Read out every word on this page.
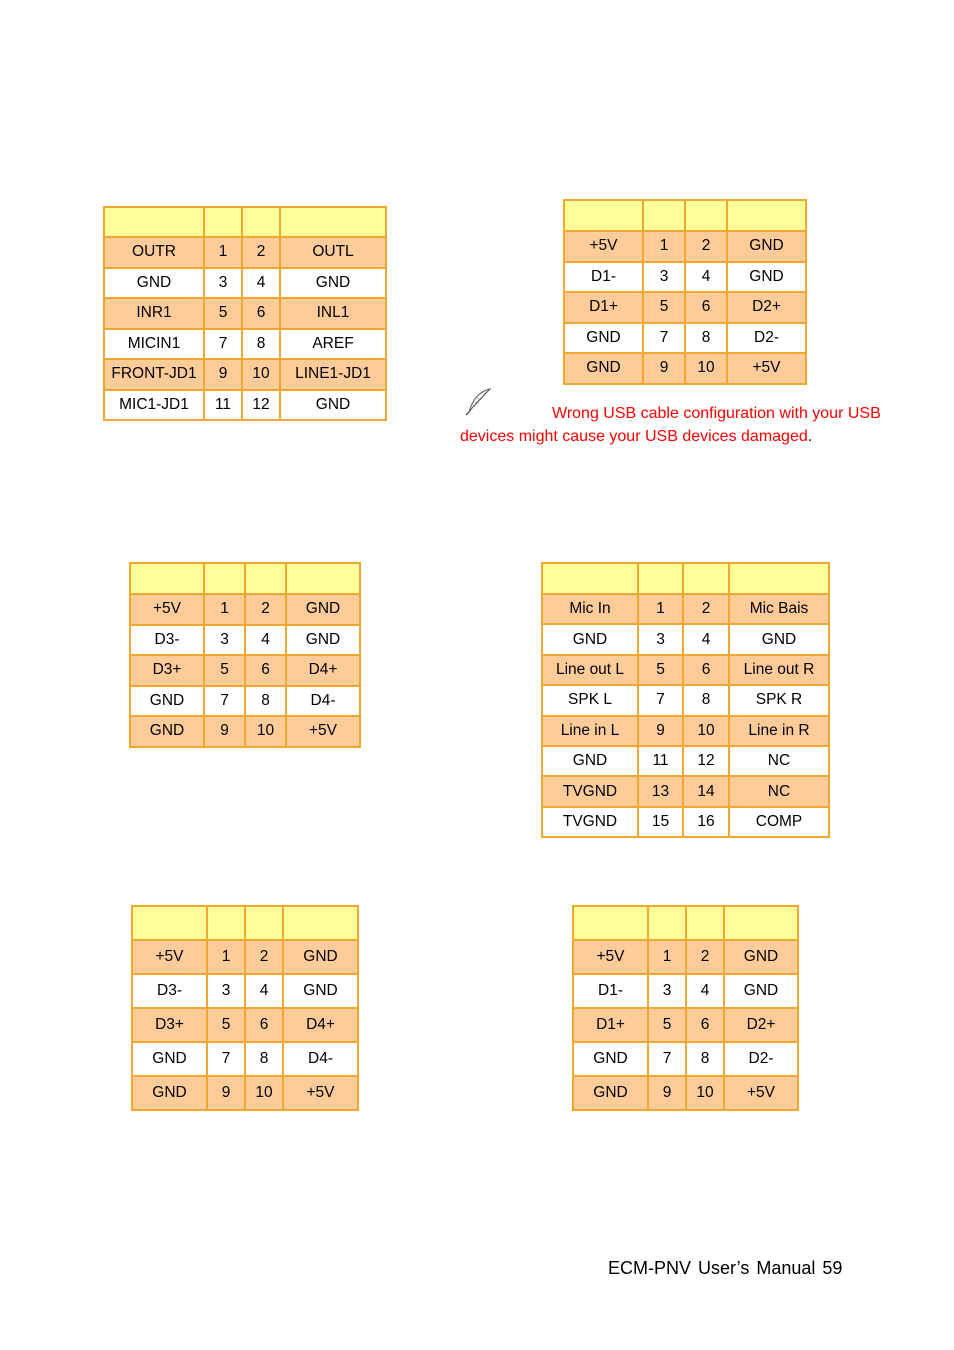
OUTR	1	2	OUTL
GND	3	4	GND
INR1	5	6	INL1
MICIN1	7	8	AREF
FRONT-JD1	9	10	LINE1-JD1
MIC1-JD1	11	12	GND

+5V	1	2	GND
D1-	3	4	GND
D1+	5	6	D2+
GND	7	8	D2-
GND	9	10	+5V
Wrong USB cable configuration with your USB devices might cause your USB devices damaged.

+5V	1	2	GND
D3-	3	4	GND
D3+	5	6	D4+
GND	7	8	D4-
GND	9	10	+5V

Mic In	1	2	Mic Bais
GND	3	4	GND
Line out L	5	6	Line out R
SPK L	7	8	SPK R
Line in L	9	10	Line in R
GND	11	12	NC
TVGND	13	14	NC
TVGND	15	16	COMP

+5V	1	2	GND
D3-	3	4	GND
D3+	5	6	D4+
GND	7	8	D4-
GND	9	10	+5V

+5V	1	2	GND
D1-	3	4	GND
D1+	5	6	D2+
GND	7	8	D2-
GND	9	10	+5V
ECM-PNV User’s Manual 59
